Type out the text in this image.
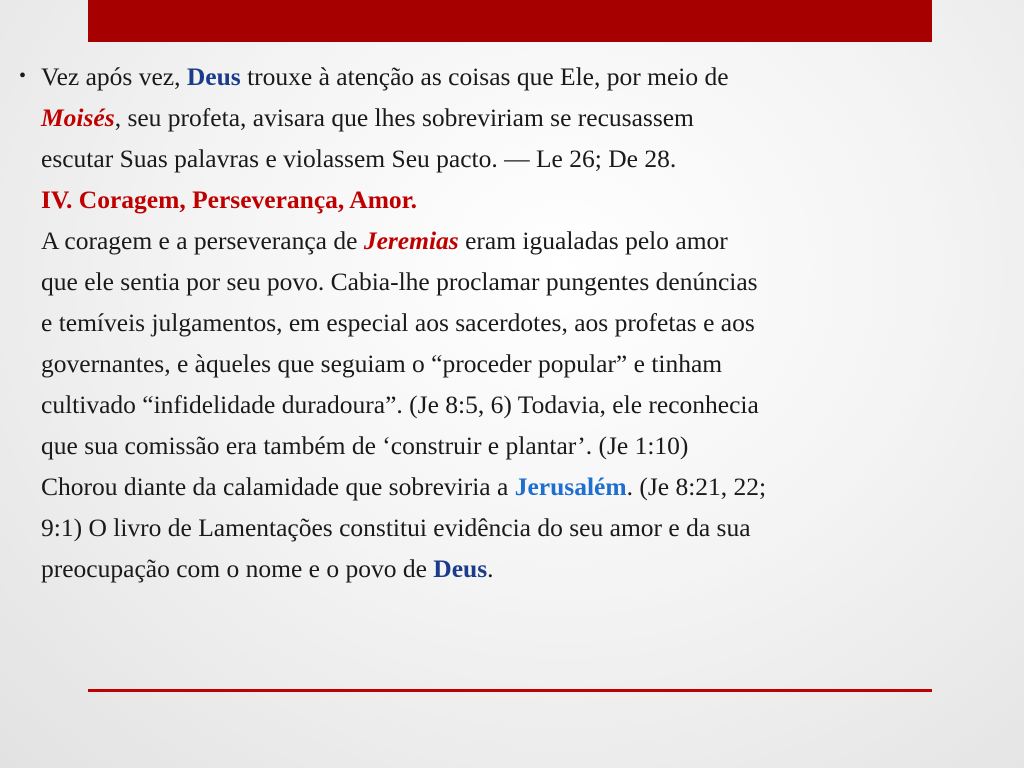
• Vez após vez, Deus trouxe à atenção as coisas que Ele, por meio de
Moisés, seu profeta, avisara que lhes sobreviriam se recusassem
escutar Suas palavras e violassem Seu pacto. — Le 26; De 28.
IV. Coragem, Perseverança, Amor.
A coragem e a perseverança de Jeremias eram igualadas pelo amor
que ele sentia por seu povo. Cabia-lhe proclamar pungentes denúncias
e temíveis julgamentos, em especial aos sacerdotes, aos profetas e aos
governantes, e àqueles que seguiam o “proceder popular” e tinham
cultivado “infidelidade duradoura”. (Je 8:5, 6) Todavia, ele reconhecia
que sua comissão era também de ‘construir e plantar’. (Je 1:10)
Chorou diante da calamidade que sobreviria a Jerusalém. (Je 8:21, 22;
9:1) O livro de Lamentações constitui evidência do seu amor e da sua
preocupação com o nome e o povo de Deus.
